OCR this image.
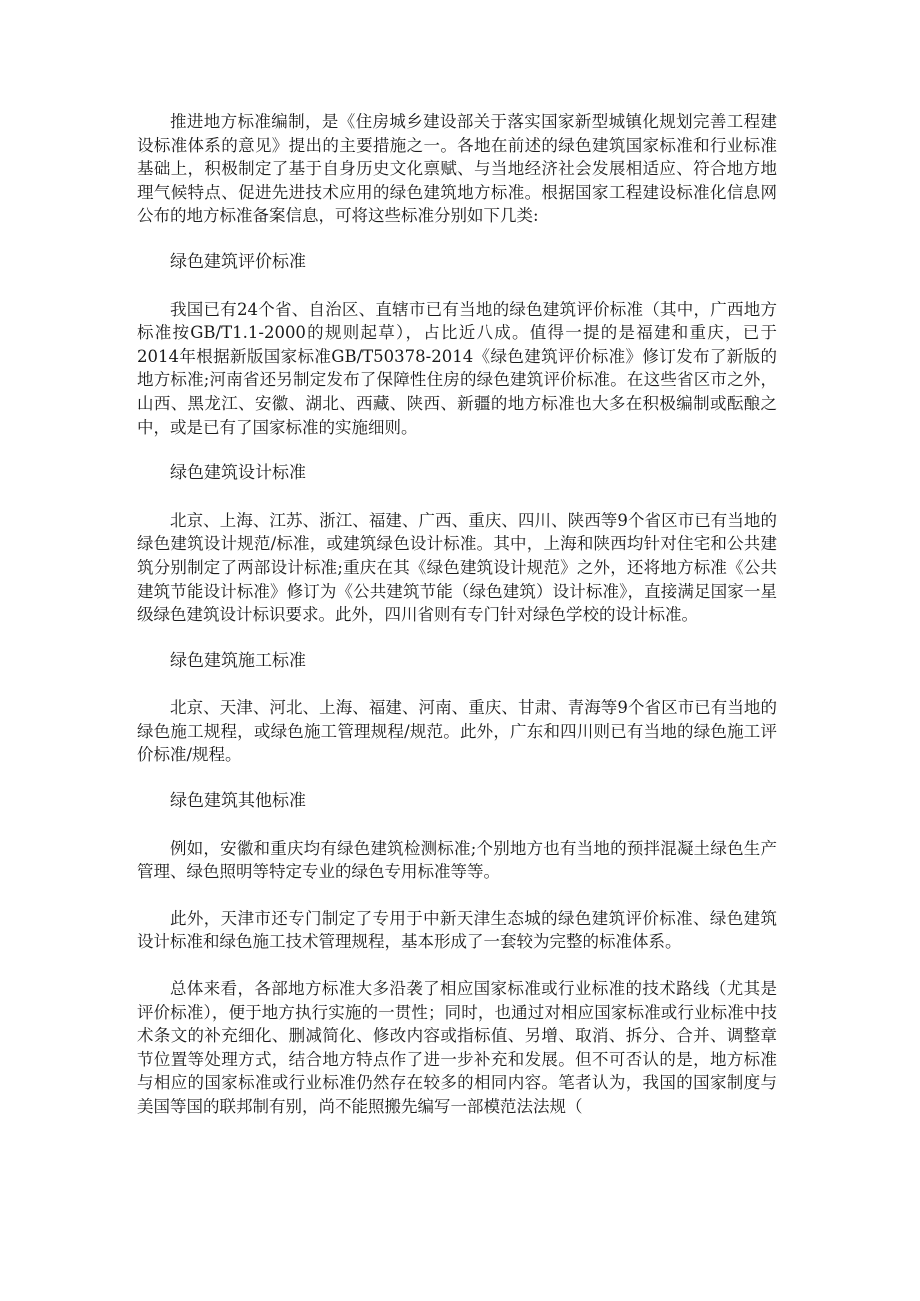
推进地方标准编制，是《住房城乡建设部关于落实国家新型城镇化规划完善工程建设标准体系的意见》提出的主要措施之一。各地在前述的绿色建筑国家标准和行业标准基础上，积极制定了基于自身历史文化禀赋、与当地经济社会发展相适应、符合地方地理气候特点、促进先进技术应用的绿色建筑地方标准。根据国家工程建设标准化信息网公布的地方标准备案信息，可将这些标准分别如下几类:

绿色建筑评价标准

我国已有24个省、自治区、直辖市已有当地的绿色建筑评价标准（其中，广西地方标准按GB/T1.1-2000的规则起草），占比近八成。值得一提的是福建和重庆，已于2014年根据新版国家标准GB/T50378-2014《绿色建筑评价标准》修订发布了新版的地方标准;河南省还另制定发布了保障性住房的绿色建筑评价标准。在这些省区市之外，山西、黑龙江、安徽、湖北、西藏、陕西、新疆的地方标准也大多在积极编制或酝酿之中，或是已有了国家标准的实施细则。

绿色建筑设计标准

北京、上海、江苏、浙江、福建、广西、重庆、四川、陕西等9个省区市已有当地的绿色建筑设计规范/标准，或建筑绿色设计标准。其中，上海和陕西均针对住宅和公共建筑分别制定了两部设计标准;重庆在其《绿色建筑设计规范》之外，还将地方标准《公共建筑节能设计标准》修订为《公共建筑节能（绿色建筑）设计标准》，直接满足国家一星级绿色建筑设计标识要求。此外，四川省则有专门针对绿色学校的设计标准。

绿色建筑施工标准

北京、天津、河北、上海、福建、河南、重庆、甘肃、青海等9个省区市已有当地的绿色施工规程，或绿色施工管理规程/规范。此外，广东和四川则已有当地的绿色施工评价标准/规程。

绿色建筑其他标准

例如，安徽和重庆均有绿色建筑检测标准;个别地方也有当地的预拌混凝土绿色生产管理、绿色照明等特定专业的绿色专用标准等等。

此外，天津市还专门制定了专用于中新天津生态城的绿色建筑评价标准、绿色建筑设计标准和绿色施工技术管理规程，基本形成了一套较为完整的标准体系。

总体来看，各部地方标准大多沿袭了相应国家标准或行业标准的技术路线（尤其是评价标准），便于地方执行实施的一贯性；同时，也通过对相应国家标准或行业标准中技术条文的补充细化、删减简化、修改内容或指标值、另增、取消、拆分、合并、调整章节位置等处理方式，结合地方特点作了进一步补充和发展。但不可否认的是，地方标准与相应的国家标准或行业标准仍然存在较多的相同内容。笔者认为，我国的国家制度与美国等国的联邦制有别，尚不能照搬先编写一部模范法法规（
